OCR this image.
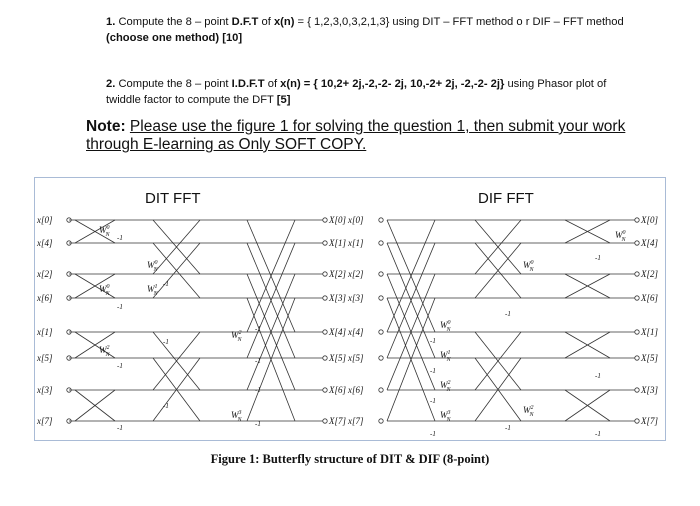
1. Compute the 8 – point D.F.T of x(n) = { 1,2,3,0,3,2,1,3} using DIT – FFT method o r DIF – FFT method (choose one method) [10]
2. Compute the 8 – point I.D.F.T of x(n) = { 10,2+ 2j,-2,-2- 2j, 10,-2+ 2j, -2,-2- 2j} using Phasor plot of twiddle factor to compute the DFT [5]
Note: Please use the figure 1 for solving the question 1, then submit your work through E-learning as Only SOFT COPY.
x[0]
x[4]
x[2]
x[6]
x[1]
x[5]
x[3]
x[7]
X[0]
X[1]
X[2]
X[3]
X[4]
X[5]
X[6]
X[7]
-1
-1
-1
-1
-1
-1
-1
-1
-1
-1
-1
$W^0$ N
$W^0$ N
$W^2$ N
$W^0$ N
$W^1$ N
$W^2$ N
$W^3$ N
x[0]
x[1]
x[2]
x[3]
x[4]
x[5]
x[6]
x[7]
X[0]
X[4]
X[2]
X[6]
X[1]
X[5]
X[3]
X[7]
-1
-1
-1
-1
-1
-1
-1
-1
-1
$W^0$ N
$W^1$ N
$W^2$ N
$W^3$ N
$W^0$ N
$W^2$ N
$W^0$ N
DIT FFT	DIF FFT
Figure 1: Butterfly structure of DIT & DIF (8-point)
